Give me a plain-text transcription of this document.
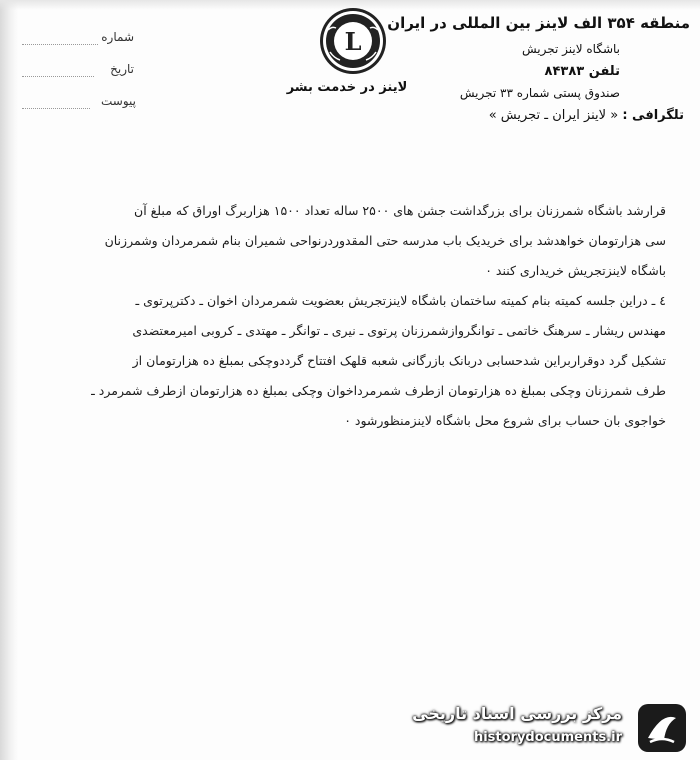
شماره
تاریخ
پیوست
L
لاینز در خدمت بشر
منطقه ۳۵۴ الف لاینز بین المللی در ایران
باشگاه لاینز تجریش
تلفن ۸۴۳۸۳
صندوق پستی شماره ۳۳ تجریش
تلگرافی : « لاینز ایران ـ تجریش »
قرارشد باشگاه شمرزنان برای بزرگداشت جشن های ۲۵۰۰ ساله تعداد ۱۵۰۰ هزاربرگ اوراق که مبلغ آن
سی هزارتومان خواهدشد برای خریدیک باب مدرسه حتی المقدوردرنواحی شمیران بنام شمرمردان وشمرزنان
باشگاه لاینزتجریش خریداری کنند ٠
٤ ـ دراین جلسه کمیته بنام کمیته ساختمان باشگاه لاینزتجریش بعضویت شمرمردان اخوان ـ دکترپرتوی ـ
مهندس ریشار ـ سرهنگ خاتمی ـ توانگروازشمرزنان پرتوی ـ نیری ـ توانگر ـ مهتدی ـ کروبی امیرمعتضدی
تشکیل گرد دوقراربراین شدحسابی دربانک بازرگانی شعبه قلهک افتتاح گرددوچکی بمبلغ ده هزارتومان از
طرف شمرزنان وچکی بمبلغ ده هزارتومان ازطرف شمرمرداخوان وچکی بمبلغ ده هزارتومان ازطرف شمرمرد ـ
خواجوی بان حساب برای شروع محل باشگاه لاینزمنظورشود ٠
مرکز بررسی اسناد تاریخی
historydocuments.ir
